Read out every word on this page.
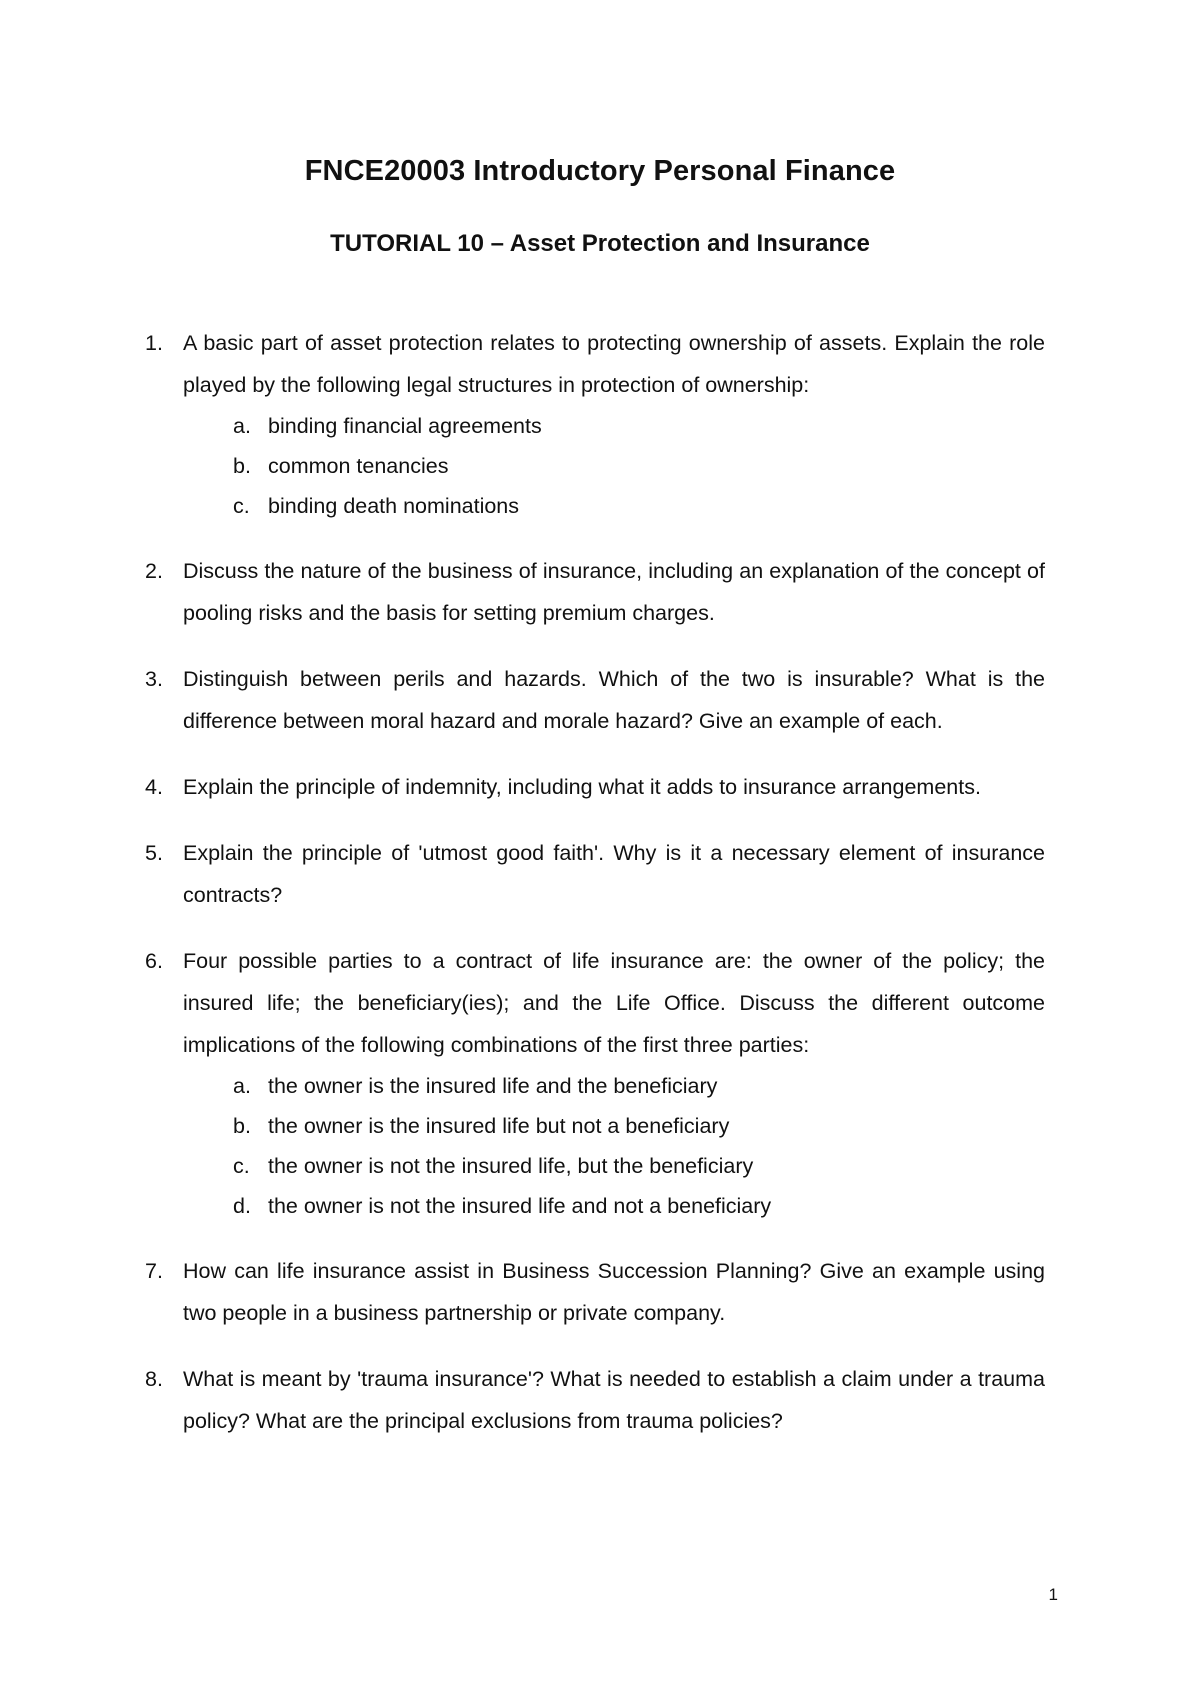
FNCE20003 Introductory Personal Finance
TUTORIAL 10 – Asset Protection and Insurance
1. A basic part of asset protection relates to protecting ownership of assets. Explain the role played by the following legal structures in protection of ownership:
a. binding financial agreements
b. common tenancies
c. binding death nominations
2. Discuss the nature of the business of insurance, including an explanation of the concept of pooling risks and the basis for setting premium charges.
3. Distinguish between perils and hazards. Which of the two is insurable? What is the difference between moral hazard and morale hazard? Give an example of each.
4. Explain the principle of indemnity, including what it adds to insurance arrangements.
5. Explain the principle of 'utmost good faith'. Why is it a necessary element of insurance contracts?
6. Four possible parties to a contract of life insurance are: the owner of the policy; the insured life; the beneficiary(ies); and the Life Office. Discuss the different outcome implications of the following combinations of the first three parties:
a. the owner is the insured life and the beneficiary
b. the owner is the insured life but not a beneficiary
c. the owner is not the insured life, but the beneficiary
d. the owner is not the insured life and not a beneficiary
7. How can life insurance assist in Business Succession Planning? Give an example using two people in a business partnership or private company.
8. What is meant by 'trauma insurance'? What is needed to establish a claim under a trauma policy? What are the principal exclusions from trauma policies?
1
